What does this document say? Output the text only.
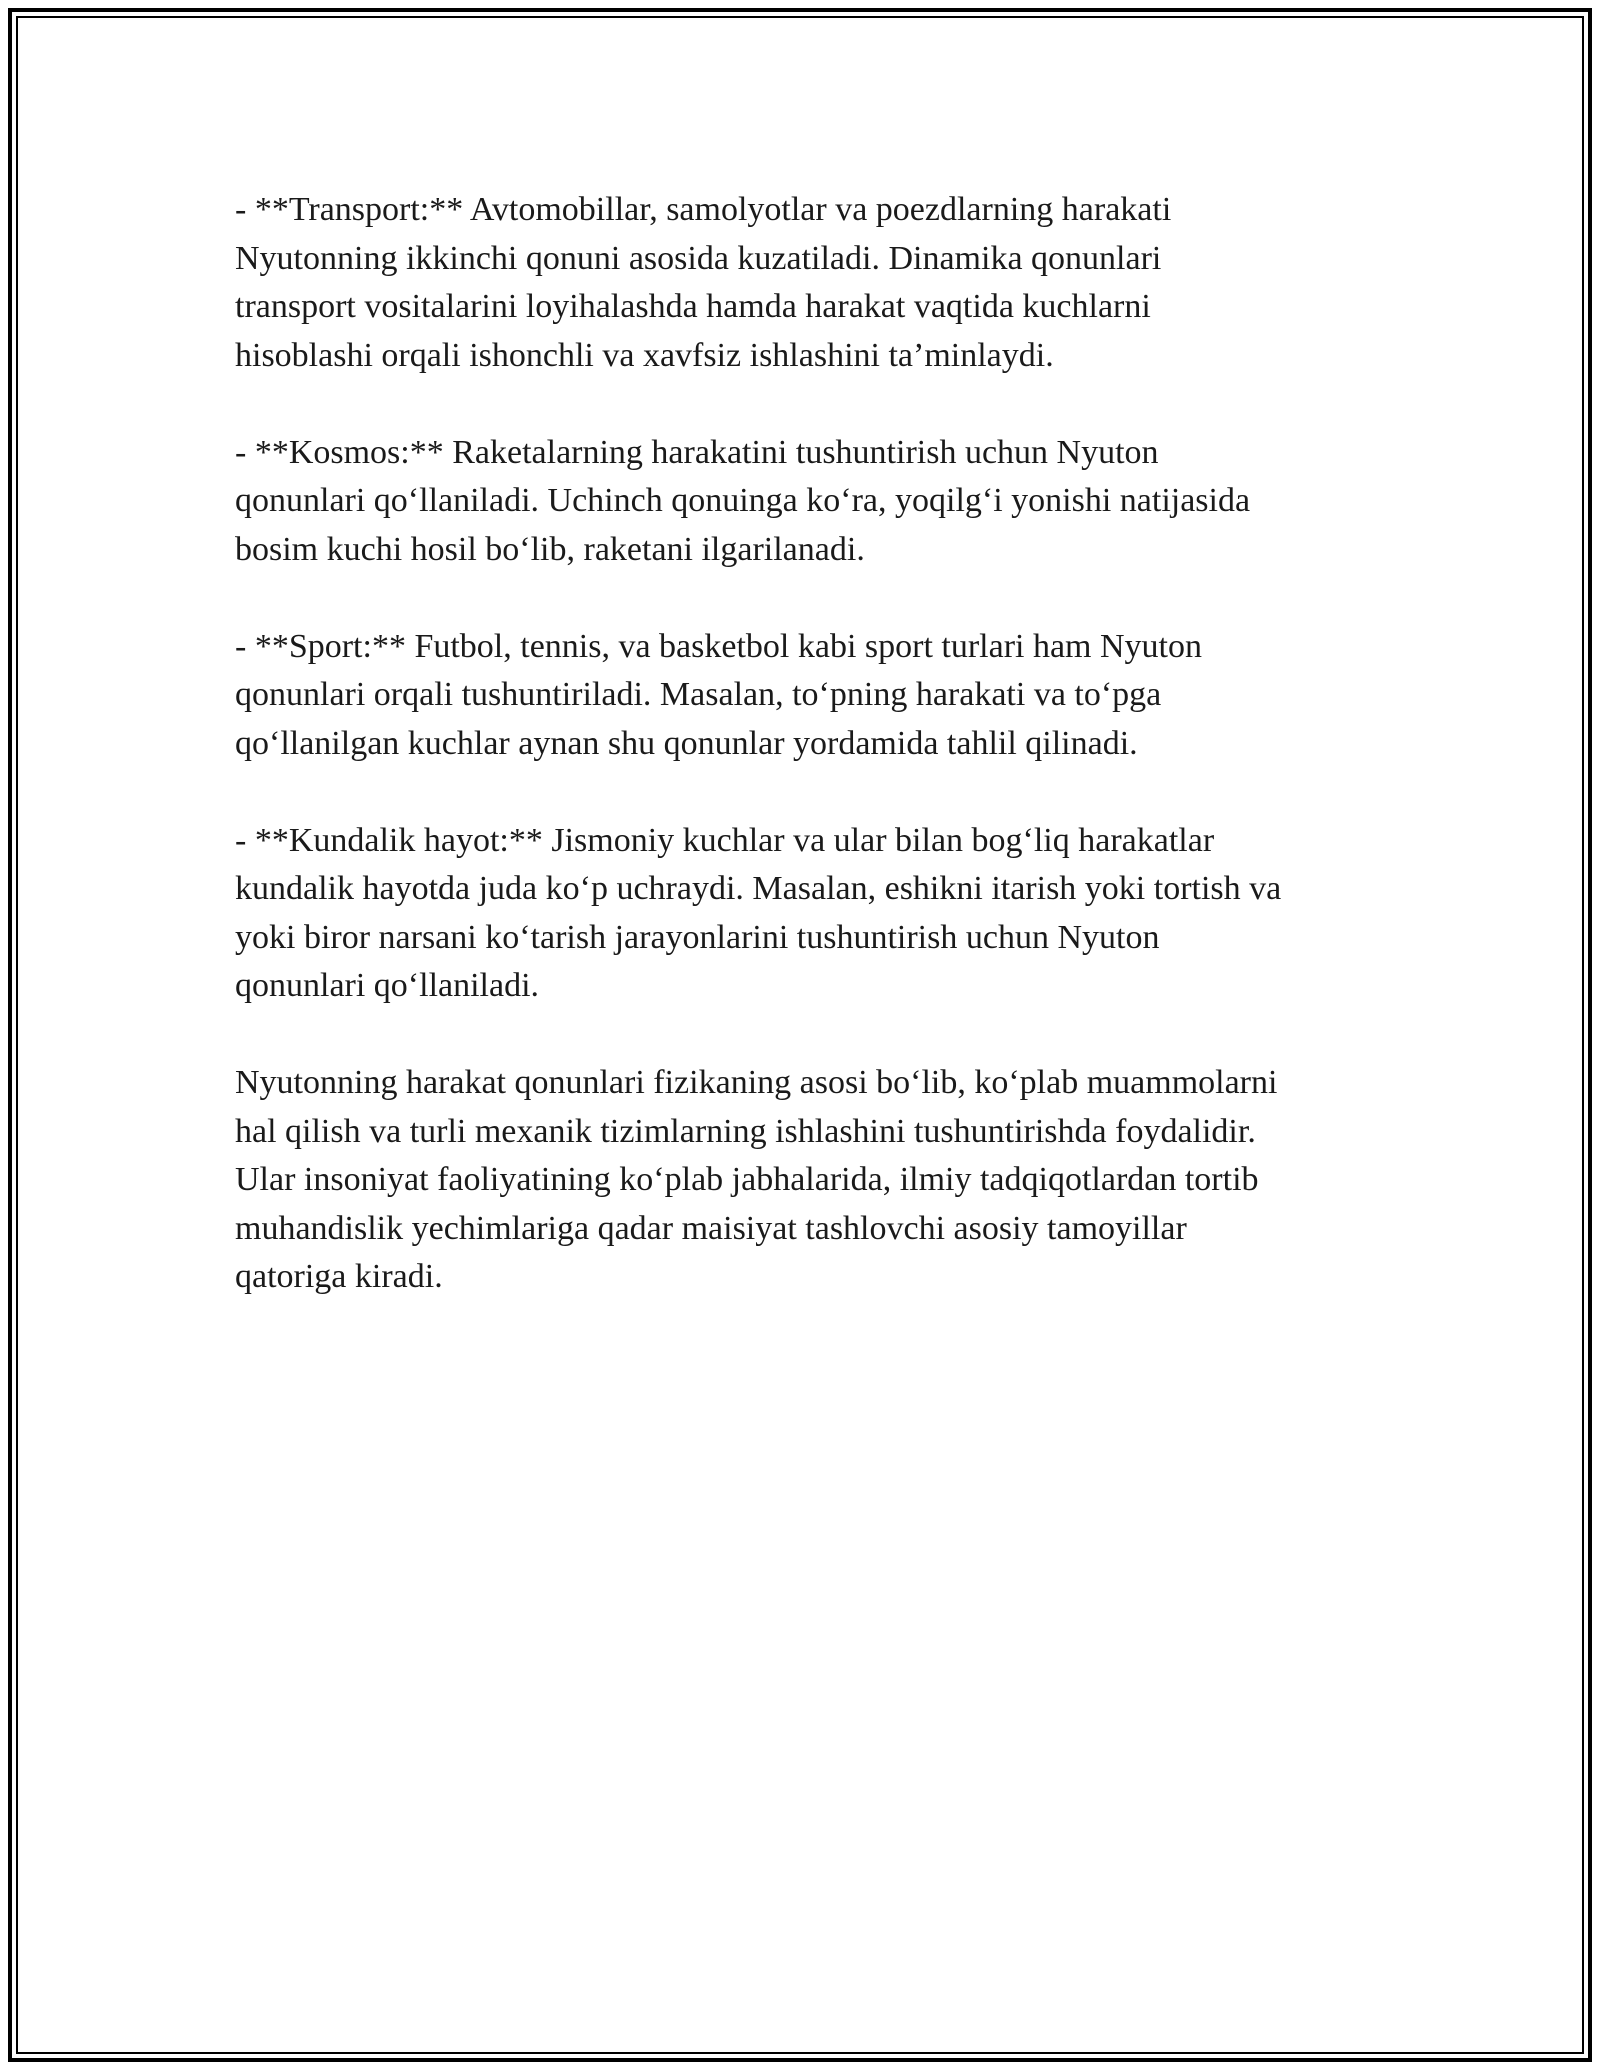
- **Transport:** Avtomobillar, samolyotlar va poezdlarning harakati
Nyutonning ikkinchi qonuni asosida kuzatiladi. Dinamika qonunlari
transport vositalarini loyihalashda hamda harakat vaqtida kuchlarni
hisoblashi orqali ishonchli va xavfsiz ishlashini ta’minlaydi.

- **Kosmos:** Raketalarning harakatini tushuntirish uchun Nyuton
qonunlari qo‘llaniladi. Uchinch qonuinga ko‘ra, yoqilg‘i yonishi natijasida
bosim kuchi hosil bo‘lib, raketani ilgarilanadi.

- **Sport:** Futbol, tennis, va basketbol kabi sport turlari ham Nyuton
qonunlari orqali tushuntiriladi. Masalan, to‘pning harakati va to‘pga
qo‘llanilgan kuchlar aynan shu qonunlar yordamida tahlil qilinadi.

- **Kundalik hayot:** Jismoniy kuchlar va ular bilan bog‘liq harakatlar
kundalik hayotda juda ko‘p uchraydi. Masalan, eshikni itarish yoki tortish va
yoki biror narsani ko‘tarish jarayonlarini tushuntirish uchun Nyuton
qonunlari qo‘llaniladi.

Nyutonning harakat qonunlari fizikaning asosi bo‘lib, ko‘plab muammolarni
hal qilish va turli mexanik tizimlarning ishlashini tushuntirishda foydalidir.
Ular insoniyat faoliyatining ko‘plab jabhalarida, ilmiy tadqiqotlardan tortib
muhandislik yechimlariga qadar maisiyat tashlovchi asosiy tamoyillar
qatoriga kiradi.
